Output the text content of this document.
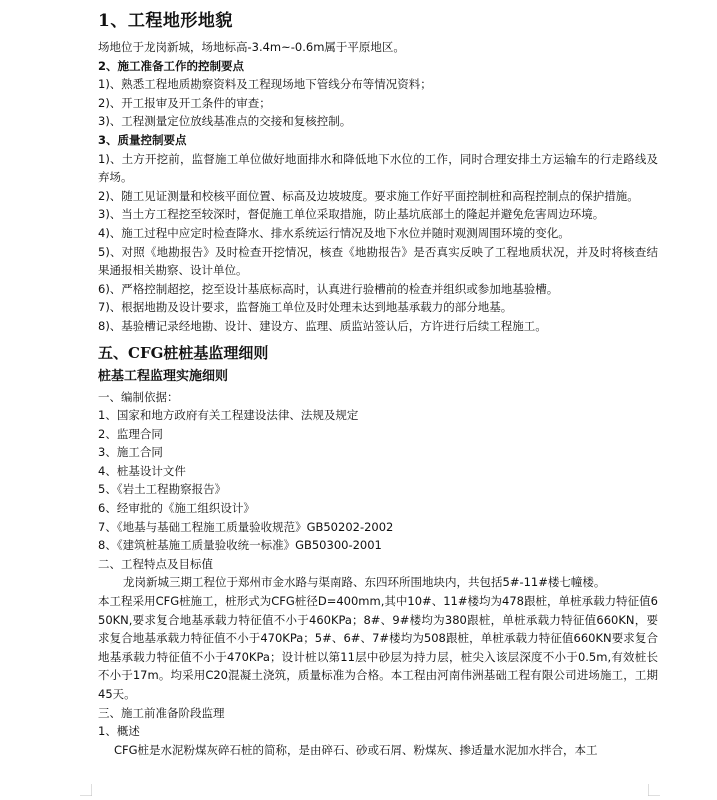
1、工程地形地貌

场地位于龙岗新城，场地标高-3.4m~-0.6m属于平原地区。

2、施工准备工作的控制要点

1)、熟悉工程地质勘察资料及工程现场地下管线分布等情况资料；

2)、开工报审及开工条件的审查；

3)、工程测量定位放线基准点的交接和复核控制。

3、质量控制要点
1)、土方开挖前，监督施工单位做好地面排水和降低地下水位的工作，同时合理安排土方运输车的行走路线及弃场。
2)、随工见证测量和校核平面位置、标高及边坡坡度。要求施工作好平面控制桩和高程控制点的保护措施。

3)、当土方工程挖至较深时，督促施工单位采取措施，防止基坑底部土的隆起并避免危害周边环境。

4)、施工过程中应定时检查降水、排水系统运行情况及地下水位并随时观测周围环境的变化。

5)、对照《地勘报告》及时检查开挖情况，核查《地勘报告》是否真实反映了工程地质状况，并及时将核查结果通报相关勘察、设计单位。

6)、严格控制超挖，挖至设计基底标高时，认真进行验槽前的检查并组织或参加地基验槽。

7)、根据地勘及设计要求，监督施工单位及时处理未达到地基承载力的部分地基。

8)、基验槽记录经地勘、设计、建设方、监理、质监站签认后，方许进行后续工程施工。

五、CFG桩桩基监理细则
桩基工程监理实施细则

一、编制依据：

1、国家和地方政府有关工程建设法律、法规及规定

2、监理合同

3、施工合同

4、桩基设计文件

5、《岩土工程勘察报告》

6、经审批的《施工组织设计》

7、《地基与基础工程施工质量验收规范》GB50202-2002

8、《建筑桩基施工质量验收统一标准》GB50300-2001

二、工程特点及目标值

龙岗新城三期工程位于郑州市金水路与渠南路、东四环所围地块内，共包括5#-11#楼七幢楼。
本工程采用CFG桩施工，桩形式为CFG桩径D=400mm,其中10#、11#楼均为478跟桩，单桩承载力特征值650KN,要求复合地基承载力特征值不小于460KPa；8#、9#楼均为380跟桩，单桩承载力特征值660KN，要求复合地基承载力特征值不小于470KPa；5#、6#、7#楼均为508跟桩，单桩承载力特征值660KN要求复合地基承载力特征值不小于470KPa；设计桩以第11层中砂层为持力层，桩尖入该层深度不小于0.5m,有效桩长不小于17m。均采用C20混凝土浇筑，质量标准为合格。本工程由河南伟洲基础工程有限公司进场施工，工期45天。

三、施工前准备阶段监理

1、概述

CFG桩是水泥粉煤灰碎石桩的简称，是由碎石、砂或石屑、粉煤灰、掺适量水泥加水拌合，本工
